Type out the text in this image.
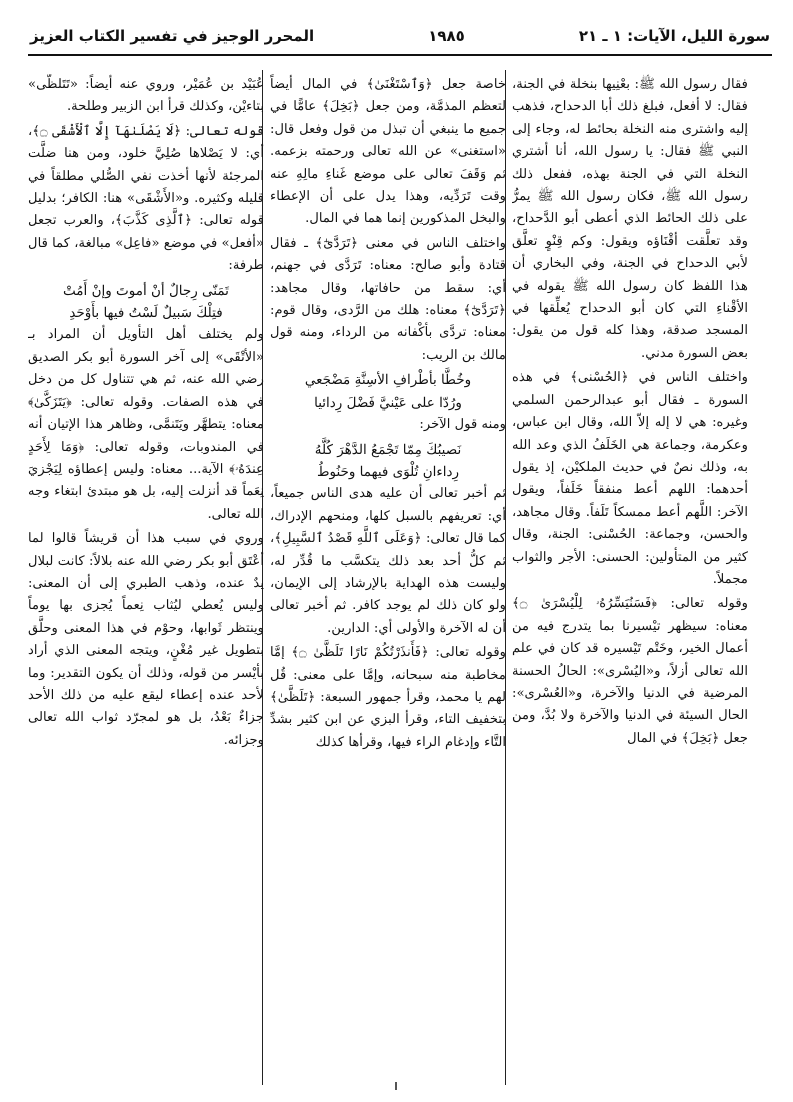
سورة الليل، الآيات: ١ ـ ٢١
١٩٨٥
المحرر الوجيز في تفسير الكتاب العزيز

فقال رسول الله ﷺ: بعْنِيها بنخلة في الجنة، فقال: لا أفعل، فبلغ ذلك أبا الدحداح، فذهب إليه واشترى منه النخلة بحائط له، وجاء إلى النبي ﷺ فقال: يا رسول الله، أنا أشتري النخلة التي في الجنة بهذه، ففعل ذلك رسول الله ﷺ، فكان رسول الله ﷺ يمرُّ على ذلك الحائط الذي أعطى أبو الدَّحداح، وقد تعلَّقت أقْنَاؤه ويقول: وكم قِنْوٍ تعلَّق لأبي الدحداح في الجنة، وفي البخاري أن هذا اللفظ كان رسول الله ﷺ يقوله في الأقْناءِ التي كان أبو الدحداح يُعلِّقها في المسجد صدقة، وهذا كله قول من يقول: بعض السورة مدني.

واختلف الناس في ﴿الحُسْنى﴾ في هذه السورة ـ فقال أبو عبدالرحمن السلمي وغيره: هي لا إله إلاّ الله، وقال ابن عباس، وعكرمة، وجماعة هي الخَلَفُ الذي وعد الله به، وذلك نصٌ في حديث الملكيْن، إذ يقول أحدهما: اللهم أعط منفقاً خَلَفاً، ويقول الآخر: اللَّهم أعط ممسكاً تَلَفاً. وقال مجاهد، والحسن، وجماعة: الحُسْنى: الجنة، وقال كثير من المتأولين: الحسنى: الأجر والثواب مجملاً.

وقوله تعالى: ﴿فَسَنُيَسِّرُهُۥ لِلْيُسْرَىٰ ۝﴾ معناه: سيظهر تيْسيرنا بما يتدرج فيه من أعمال الخير، وخَتْم تَيْسيره قد كان في علم الله تعالى أزلاً، و«اليُسْرى»: الحالُ الحسنة المرضية في الدنيا والآخرة، و«العُسْرى»: الحال السيئة في الدنيا والآخرة ولا بُدَّ، ومن جعل ﴿بَخِلَ﴾ في المال

خاصة جعل ﴿وَٱسْتَغْنَىٰ﴾ في المال أيضاً لتعظم المذمَّة، ومن جعل ﴿بَخِلَ﴾ عامًّا في جميع ما ينبغي أن تبذل من قول وفعل قال: «استغنى» عن الله تعالى ورحمته بزعمه. ثم وَقَفَ تعالى على موضع غَناءِ مالِهِ عنه وقت تَرَدِّيه، وهذا يدل على أن الإعطاء والبخل المذكورين إنما هما في المال.

واختلف الناس في معنى ﴿تَرَدَّىٰٓ﴾ ـ فقال قتادة وأبو صالح: معناه: تَرَدَّى في جهنم، أي: سقط من حافاتها، وقال مجاهد: ﴿تَرَدَّىٰٓ﴾ معناه: هلك من الرَّدى، وقال قوم: معناه: تردَّى بأكْفانه من الرداء، ومنه قول مالك بن الريب:

وخُطَّا بأطْرافِ الأسِنَّةِ مَضْجَعي

ورُدّا على عَيْنيَّ فَضْلَ رِدائيا

ومنه قول الآخر:

نَصيبُكَ مِمّا تَجْمَعُ الدَّهْرَ كُلَّهُ

رِداءانِ تُلْوَى فيهما وحَنُوطُ

ثم أخبر تعالى أن عليه هدى الناس جميعاً، أي: تعريفهم بالسبل كلها، ومنحهم الإدراك، كما قال تعالى: ﴿وَعَلَى ٱللَّهِ قَصْدُ ٱلسَّبِيلِ﴾، ثم كلُّ أحد بعد ذلك يتكسَّب ما قُدِّر له، وليست هذه الهداية بالإرشاد إلى الإيمان، ولو كان ذلك لم يوجد كافر. ثم أخبر تعالى أن له الآخرة والأولى أي: الدارين.

وقوله تعالى: ﴿فَأَنذَرْتُكُمْ نَارًا تَلَظَّىٰ ۝﴾ إمَّا مخاطبة منه سبحانه، وإمَّا على معنى: قُل لهم يا محمد، وقرأ جمهور السبعة: ﴿تَلَظَّىٰ﴾ بتخفيف التاء، وقرأ البزي عن ابن كثير بشدِّ التَّاء وإدغام الراء فيها، وقرأها كذلك

عُبَيْد بن عُمَيْر، وروي عنه أيضاً: «تَتَلظّى» بتاءيْن، وكذلك قرأ ابن الزبير وطلحة.

قوله تعالى: ﴿لَا يَصْلَىٰهَآ إِلَّا ٱلْأَشْقَى ۝﴾، أي: لا يَصْلاها صُلِيَّ خلود، ومن هنا ضلَّت المرجئة لأنها أخذت نفي الصُّلي مطلقاً في قليله وكثيره. و«الأَشْقَى» هنا: الكافر؛ بدليل قوله تعالى: ﴿ٱلَّذِى كَذَّبَ﴾، والعرب تجعل «أفعل» في موضع «فاعِل» مبالغة، كما قال طرفة:

تَمَنّى رِجالٌ أنْ أموتَ وإنْ أَمُتْ

فتِلْكَ سَبيلٌ لَسْتُ فيها بأَوْحَدِ

ولم يختلف أهل التأويل أن المراد بـ «الأتْقَى» إلى آخر السورة أبو بكر الصديق رضي الله عنه، ثم هي تتناول كل من دخل في هذه الصفات. وقوله تعالى: ﴿يَتَزَكَّىٰ﴾ معناه: يتطهَّر ويَتَنمَّى، وظاهر هذا الإتيان أنه في المندوبات، وقوله تعالى: ﴿وَمَا لِأَحَدٍ عِندَهُۥ﴾ الآية... معناه: وليس إعطاؤه لِيَجْزيَ نِعَماً قد أنزلت إليه، بل هو مبتدئ ابتغاء وجه الله تعالى.

وروي في سبب هذا أن قريشاً قالوا لما أعْتَق أبو بكر رضي الله عنه بلالاً: كانت لبلال يدٌ عنده، وذهب الطبري إلى أن المعنى: وليس يُعطي ليُثاب نِعماً يُجزى بها يوماً وينتظر ثَوابها، وحوْم في هذا المعنى وحلَّق بتطويل غير مُغْنٍ، ويتجه المعنى الذي أراد بأيْسر من قوله، وذلك أن يكون التقدير: وما لأحد عنده إعطاء ليقع عليه من ذلك الأحد جزاءٌ بَعْدُ، بل هو لمجرّد ثواب الله تعالى وجزائه.
